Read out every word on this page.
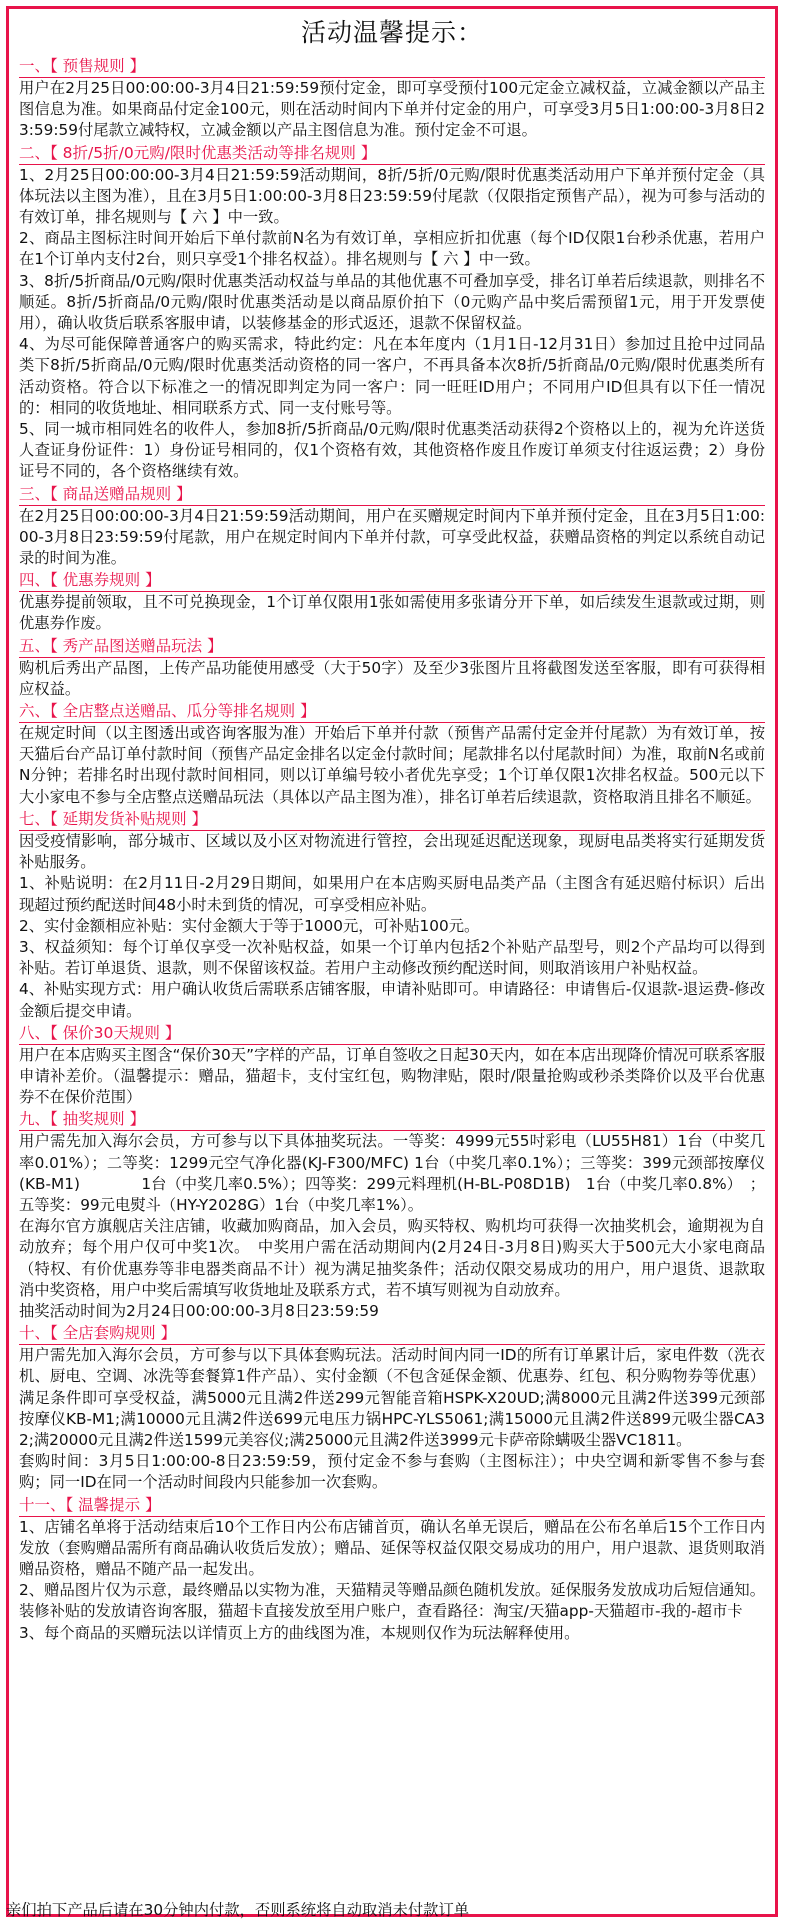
活动温馨提示：
一、【 预售规则 】

用户在2月25日00:00:00-3月4日21:59:59预付定金，即可享受预付100元定金立减权益，立减金额以产品主图信息为准。如果商品付定金100元，则在活动时间内下单并付定金的用户，可享受3月5日1:00:00-3月8日23:59:59付尾款立减特权，立减金额以产品主图信息为准。预付定金不可退。

二、【 8折/5折/0元购/限时优惠类活动等排名规则 】

1、2月25日00:00:00-3月4日21:59:59活动期间，8折/5折/0元购/限时优惠类活动用户下单并预付定金（具体玩法以主图为准），且在3月5日1:00:00-3月8日23:59:59付尾款（仅限指定预售产品），视为可参与活动的有效订单，排名规则与【 六 】中一致。

2、商品主图标注时间开始后下单付款前N名为有效订单，享相应折扣优惠（每个ID仅限1台秒杀优惠，若用户在1个订单内支付2台，则只享受1个排名权益）。排名规则与【 六 】中一致。

3、8折/5折商品/0元购/限时优惠类活动权益与单品的其他优惠不可叠加享受，排名订单若后续退款，则排名不顺延。8折/5折商品/0元购/限时优惠类活动是以商品原价拍下（0元购产品中奖后需预留1元，用于开发票使用），确认收货后联系客服申请，以装修基金的形式返还，退款不保留权益。

4、为尽可能保障普通客户的购买需求，特此约定：凡在本年度内（1月1日-12月31日）参加过且抢中过同品类下8折/5折商品/0元购/限时优惠类活动资格的同一客户，不再具备本次8折/5折商品/0元购/限时优惠类所有活动资格。符合以下标准之一的情况即判定为同一客户：同一旺旺ID用户；不同用户ID但具有以下任一情况的：相同的收货地址、相同联系方式、同一支付账号等。

5、同一城市相同姓名的收件人，参加8折/5折商品/0元购/限时优惠类活动获得2个资格以上的，视为允许送货人查证身份证件：1）身份证号相同的，仅1个资格有效，其他资格作废且作废订单须支付往返运费；2）身份证号不同的，各个资格继续有效。

三、【 商品送赠品规则 】

在2月25日00:00:00-3月4日21:59:59活动期间，用户在买赠规定时间内下单并预付定金，且在3月5日1:00:00-3月8日23:59:59付尾款，用户在规定时间内下单并付款，可享受此权益，获赠品资格的判定以系统自动记录的时间为准。

四、【 优惠券规则 】

优惠券提前领取，且不可兑换现金，1个订单仅限用1张如需使用多张请分开下单，如后续发生退款或过期，则优惠券作废。

五、【 秀产品图送赠品玩法 】

购机后秀出产品图，上传产品功能使用感受（大于50字）及至少3张图片且将截图发送至客服，即有可获得相应权益。

六、【 全店整点送赠品、瓜分等排名规则 】

在规定时间（以主图透出或咨询客服为准）开始后下单并付款（预售产品需付定金并付尾款）为有效订单，按天猫后台产品订单付款时间（预售产品定金排名以定金付款时间；尾款排名以付尾款时间）为准，取前N名或前N分钟；若排名时出现付款时间相同，则以订单编号较小者优先享受；1个订单仅限1次排名权益。500元以下大小家电不参与全店整点送赠品玩法（具体以产品主图为准），排名订单若后续退款，资格取消且排名不顺延。

七、【 延期发货补贴规则 】

因受疫情影响，部分城市、区域以及小区对物流进行管控，会出现延迟配送现象，现厨电品类将实行延期发货补贴服务。

1、补贴说明：在2月11日-2月29日期间，如果用户在本店购买厨电品类产品（主图含有延迟赔付标识）后出现超过预约配送时间48小时未到货的情况，可享受相应补贴。

2、实付金额相应补贴：实付金额大于等于1000元，可补贴100元。

3、权益须知：每个订单仅享受一次补贴权益，如果一个订单内包括2个补贴产品型号，则2个产品均可以得到补贴。若订单退货、退款，则不保留该权益。若用户主动修改预约配送时间，则取消该用户补贴权益。

4、补贴实现方式：用户确认收货后需联系店铺客服，申请补贴即可。申请路径：申请售后-仅退款-退运费-修改金额后提交申请。

八、【 保价30天规则 】

用户在本店购买主图含“保价30天”字样的产品，订单自签收之日起30天内，如在本店出现降价情况可联系客服申请补差价。（温馨提示：赠品，猫超卡，支付宝红包，购物津贴，限时/限量抢购或秒杀类降价以及平台优惠券不在保价范围）

九、【 抽奖规则 】

用户需先加入海尔会员，方可参与以下具体抽奖玩法。一等奖：4999元55吋彩电（LU55H81）1台（中奖几率0.01%）；二等奖：1299元空气净化器(KJ-F300/MFC) 1台（中奖几率0.1%）；三等奖：399元颈部按摩仪(KB-M1)　　　　1台（中奖几率0.5%）；四等奖：299元料理机(H-BL-P08D1B)　1台（中奖几率0.8%）　；五等奖：99元电熨斗（HY-Y2028G）1台（中奖几率1%）。

在海尔官方旗舰店关注店铺，收藏加购商品，加入会员，购买特权、购机均可获得一次抽奖机会，逾期视为自动放弃；每个用户仅可中奖1次。　中奖用户需在活动期间内(2月24日-3月8日)购买大于500元大小家电商品（特权、有价优惠券等非电器类商品不计）视为满足抽奖条件；活动仅限交易成功的用户，用户退货、退款取消中奖资格，用户中奖后需填写收货地址及联系方式，若不填写则视为自动放弃。

抽奖活动时间为2月24日00:00:00-3月8日23:59:59

十、【 全店套购规则 】

用户需先加入海尔会员，方可参与以下具体套购玩法。活动时间内同一ID的所有订单累计后，家电件数（洗衣机、厨电、空调、冰洗等套餐算1件产品）、实付金额（不包含延保金额、优惠券、红包、积分购物券等优惠）满足条件即可享受权益，满5000元且满2件送299元智能音箱HSPK-X20UD;满8000元且满2件送399元颈部按摩仪KB-M1;满10000元且满2件送699元电压力锅HPC-YLS5061;满15000元且满2件送899元吸尘器CA32;满20000元且满2件送1599元美容仪;满25000元且满2件送3999元卡萨帝除螨吸尘器VC1811。

套购时间：3月5日1:00:00-8日23:59:59，预付定金不参与套购（主图标注）；中央空调和新零售不参与套购；同一ID在同一个活动时间段内只能参加一次套购。

十一、【 温馨提示 】

1、店铺名单将于活动结束后10个工作日内公布店铺首页，确认名单无误后，赠品在公布名单后15个工作日内发放（套购赠品需所有商品确认收货后发放）；赠品、延保等权益仅限交易成功的用户，用户退款、退货则取消赠品资格，赠品不随产品一起发出。

2、赠品图片仅为示意，最终赠品以实物为准，天猫精灵等赠品颜色随机发放。延保服务发放成功后短信通知。装修补贴的发放请咨询客服，猫超卡直接发放至用户账户，查看路径：淘宝/天猫app-天猫超市-我的-超市卡

3、每个商品的买赠玩法以详情页上方的曲线图为准，本规则仅作为玩法解释使用。

亲们拍下产品后请在30分钟内付款，否则系统将自动取消未付款订单
